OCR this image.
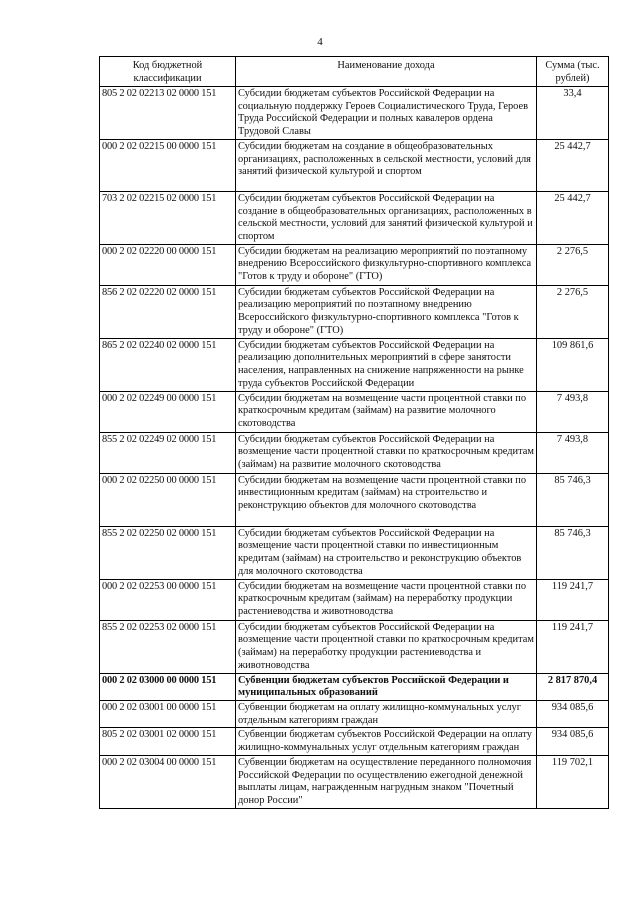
4
Код бюджетной классификации	Наименование дохода	Сумма (тыс. рублей)
805 2 02 02213 02 0000 151	Субсидии бюджетам субъектов Российской Федерации на социальную поддержку Героев Социалистического Труда, Героев Труда Российской Федерации и полных кавалеров ордена Трудовой Славы	33,4
000 2 02 02215 00 0000 151	Субсидии бюджетам на создание в общеобразовательных организациях, расположенных в сельской местности, условий для занятий физической культурой и спортом	25 442,7
703 2 02 02215 02 0000 151	Субсидии бюджетам субъектов Российской Федерации на создание в общеобразовательных организациях, расположенных в сельской местности, условий для занятий физической культурой и спортом	25 442,7
000 2 02 02220 00 0000 151	Субсидии бюджетам на реализацию мероприятий по поэтапному внедрению Всероссийского физкультурно-спортивного комплекса "Готов к труду и обороне" (ГТО)	2 276,5
856 2 02 02220 02 0000 151	Субсидии бюджетам субъектов Российской Федерации на реализацию мероприятий по поэтапному внедрению Всероссийского физкультурно-спортивного комплекса "Готов к труду и обороне" (ГТО)	2 276,5
865 2 02 02240 02 0000 151	Субсидии бюджетам субъектов Российской Федерации на реализацию дополнительных мероприятий в сфере занятости населения, направленных на снижение напряженности на рынке труда субъектов Российской Федерации	109 861,6
000 2 02 02249 00 0000 151	Субсидии бюджетам на возмещение части процентной ставки по краткосрочным кредитам (займам) на развитие молочного скотоводства	7 493,8
855 2 02 02249 02 0000 151	Субсидии бюджетам субъектов Российской Федерации на возмещение части процентной ставки по краткосрочным кредитам (займам) на развитие молочного скотоводства	7 493,8
000 2 02 02250 00 0000 151	Субсидии бюджетам на возмещение части процентной ставки по инвестиционным кредитам (займам) на строительство и реконструкцию объектов для молочного скотоводства	85 746,3
855 2 02 02250 02 0000 151	Субсидии бюджетам субъектов Российской Федерации на возмещение части процентной ставки по инвестиционным кредитам (займам) на строительство и реконструкцию объектов для молочного скотоводства	85 746,3
000 2 02 02253 00 0000 151	Субсидии бюджетам на возмещение части процентной ставки по краткосрочным кредитам (займам) на переработку продукции растениеводства и животноводства	119 241,7
855 2 02 02253 02 0000 151	Субсидии бюджетам субъектов Российской Федерации на возмещение части процентной ставки по краткосрочным кредитам (займам) на переработку продукции растениеводства и животноводства	119 241,7
000 2 02 03000 00 0000 151	Субвенции бюджетам субъектов Российской Федерации и муниципальных образований	2 817 870,4
000 2 02 03001 00 0000 151	Субвенции бюджетам на оплату жилищно-коммунальных услуг отдельным категориям граждан	934 085,6
805 2 02 03001 02 0000 151	Субвенции бюджетам субъектов Российской Федерации на оплату жилищно-коммунальных услуг отдельным категориям граждан	934 085,6
000 2 02 03004 00 0000 151	Субвенции бюджетам на осуществление переданного полномочия Российской Федерации по осуществлению ежегодной денежной выплаты лицам, награжденным нагрудным знаком "Почетный донор России"	119 702,1
